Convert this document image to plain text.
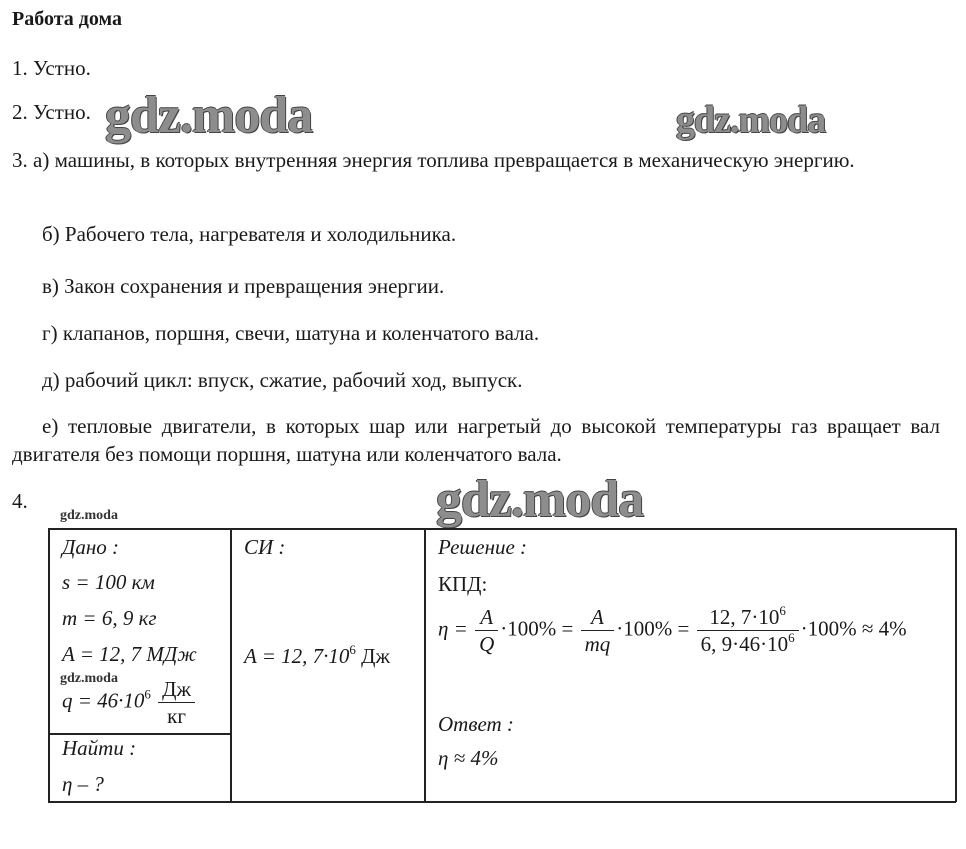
Работа дома
1. Устно.
2. Устно.
3. а) машины, в которых внутренняя энергия топлива превращается в механическую энергию.
б) Рабочего тела, нагревателя и холодильника.
в) Закон сохранения и превращения энергии.
г) клапанов, поршня, свечи, шатуна и коленчатого вала.
д) рабочий цикл: впуск, сжатие, рабочий ход, выпуск.
е) тепловые двигатели, в которых шар или нагретый до высокой температуры газ вращает вал двигателя без помощи поршня, шатуна или коленчатого вала.
4.
gdz.moda	gdz.moda
gdz.moda
gdz.moda
gdz.moda
Дано :
s = 100 км
m = 6, 9 кг
A = 12, 7 МДж
$q = 46\cdot 10^6 \frac{Дж}{кг}$
Найти :
η – ?
СИ :
A = 12, $7\cdot 10^6$ Дж
Решение :
КПД:
$\eta = \frac{A}{Q} \cdot 100\% = \frac{A}{mq} \cdot 100\% = \frac{12, 7\cdot 10^6}{6, 9\cdot 46\cdot 10^6} \cdot 100\% \approx 4\%$
Ответ :
η ≈ 4%
